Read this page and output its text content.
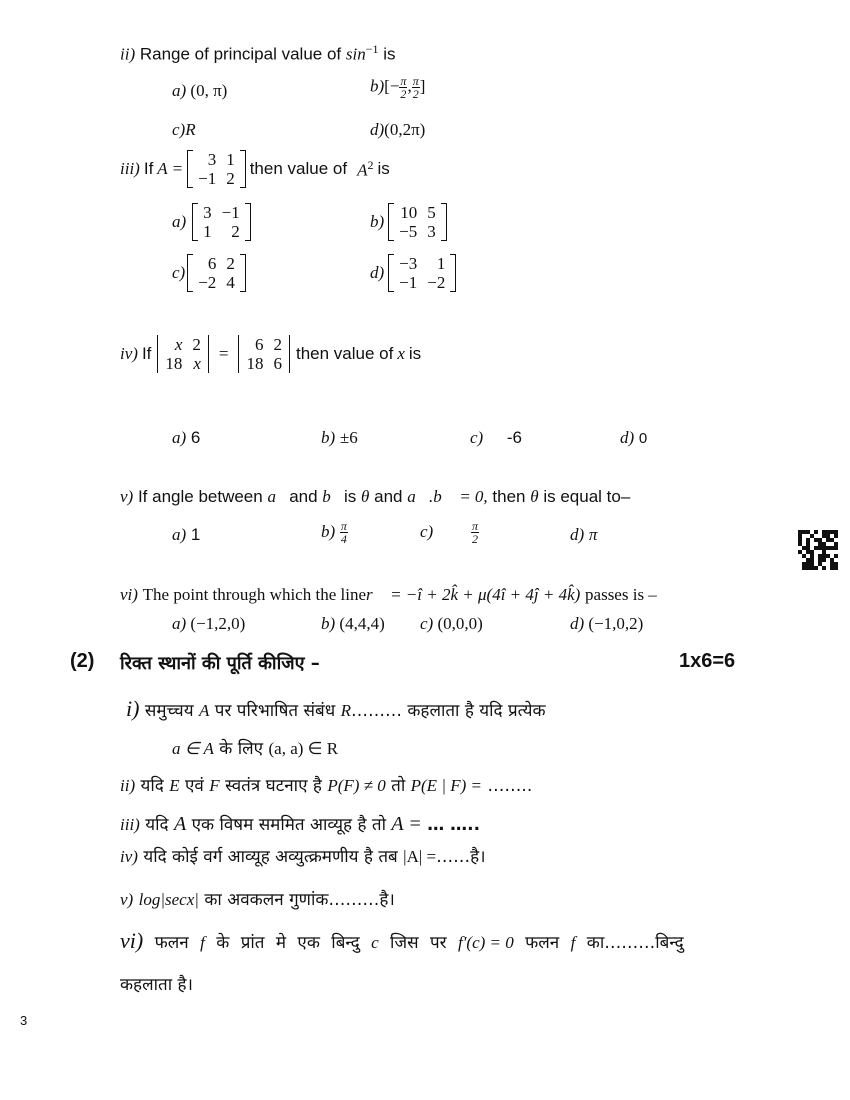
ii) Range of principal value of $\sin^{-1}$ is
a) (0, π)	$b)[- \frac{\pi}{2}$ , $\frac{\pi}{2}$ ]
c)R	d)(0,2π)
iii) If A = 3	1
−1	2
then value of $A^2$ is
a) 3	−1
1	2
b) 10	5
−5	3
c) 6	2
−2	4
d) −3	1
−1	−2
iv) If x	2
18	x
= 6	2
18	6
then value of x is
a) 6	b) ±6	c) -6	d) 0
v) If angle between a⃗and b⃗is θ and a⃗.b⃗ = 0, then θ is equal to–
a) 1	$b) \frac{\pi}{4}$	c)	$\frac{\pi}{2}$	d) π
vi) The point through which the liner⃗ = −î + 2k̂ + μ(4î + 4ĵ + 4k̂) passes is –
a) (−1,2,0)	b) (4,4,4) c) (0,0,0)	d) (−1,0,2)
(2) रिक्त स्थानों की पूर्ति कीजिए –	1x6=6
i) समुच्चय A पर परिभाषित संबंध R……… कहलाता है यदि प्रत्येक
a ∈ A के लिए (a, a) ∈ R
ii) यदि E एवं F स्वतंत्र घटनाए है P(F) ≠ 0 तो P(E | F) = ……..
iii) यदि A एक विषम सममित आव्यूह है तो A = … …..
iv) यदि कोई वर्ग आव्यूह अव्युत्क्रमणीय है तब |A| =……है।
v) log|secx| का अवकलन गुणांक………है।
vi) फलन f के प्रांत मे एक बिन्दु c जिस पर f′(c) = 0 फलन f का………बिन्दु
कहलाता है।
3
